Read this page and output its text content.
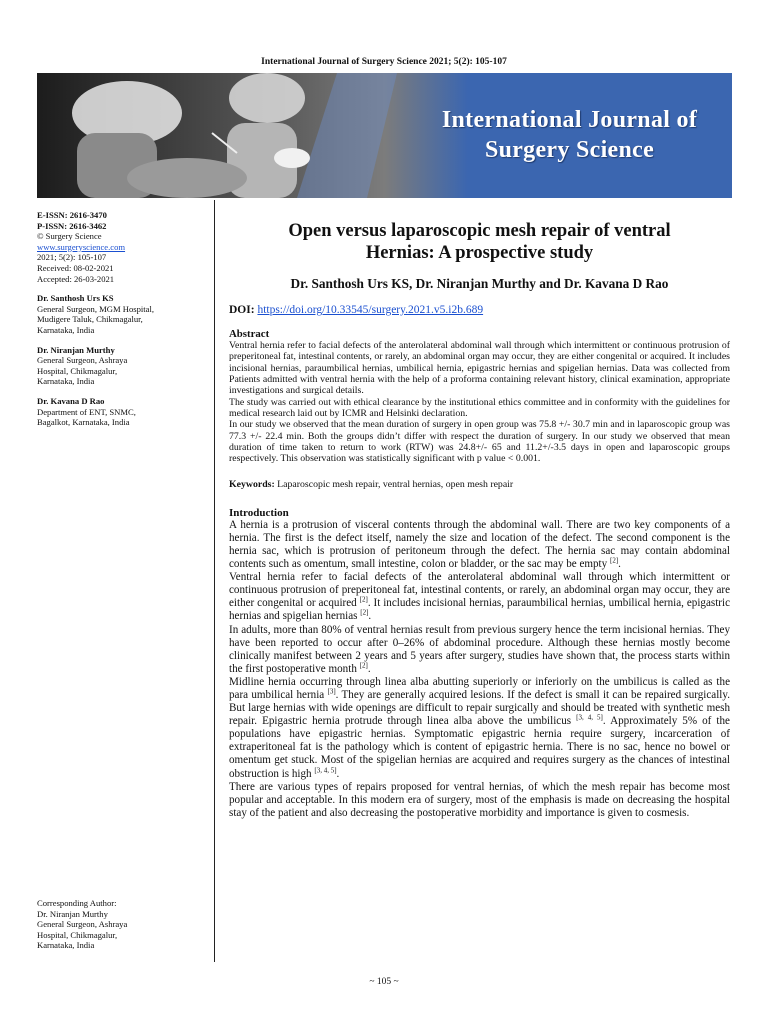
International Journal of Surgery Science 2021; 5(2): 105-107
International Journal of
Surgery Science
E-ISSN: 2616-3470
P-ISSN: 2616-3462
© Surgery Science
www.surgeryscience.com
2021; 5(2): 105-107
Received: 08-02-2021
Accepted: 26-03-2021
Dr. Santhosh Urs KS
General Surgeon, MGM Hospital,
Mudigere Taluk, Chikmagalur,
Karnataka, India
Dr. Niranjan Murthy
General Surgeon, Ashraya
Hospital, Chikmagalur,
Karnataka, India
Dr. Kavana D Rao
Department of ENT, SNMC,
Bagalkot, Karnataka, India
Corresponding Author:
Dr. Niranjan Murthy
General Surgeon, Ashraya
Hospital, Chikmagalur,
Karnataka, India
Open versus laparoscopic mesh repair of ventral
Hernias: A prospective study
Dr. Santhosh Urs KS, Dr. Niranjan Murthy and Dr. Kavana D Rao
DOI: https://doi.org/10.33545/surgery.2021.v5.i2b.689
Abstract

Ventral hernia refer to facial defects of the anterolateral abdominal wall through which intermittent or continuous protrusion of preperitoneal fat, intestinal contents, or rarely, an abdominal organ may occur, they are either congenital or acquired. It includes incisional hernias, paraumbilical hernias, umbilical hernia, epigastric hernias and spigelian hernias. Data was collected from Patients admitted with ventral hernia with the help of a proforma containing relevant history, clinical examination, appropriate investigations and surgical details.

The study was carried out with ethical clearance by the institutional ethics committee and in conformity with the guidelines for medical research laid out by ICMR and Helsinki declaration.

In our study we observed that the mean duration of surgery in open group was 75.8 +/- 30.7 min and in laparoscopic group was 77.3 +/- 22.4 min. Both the groups didn’t differ with respect the duration of surgery. In our study we observed that mean duration of time taken to return to work (RTW) was 24.8+/- 65 and 11.2+/-3.5 days in open and laparoscopic groups respectively. This observation was statistically significant with p value < 0.001.

Keywords: Laparoscopic mesh repair, ventral hernias, open mesh repair
Introduction

A hernia is a protrusion of visceral contents through the abdominal wall. There are two key components of a hernia. The first is the defect itself, namely the size and location of the defect. The second component is the hernia sac, which is protrusion of peritoneum through the defect. The hernia sac may contain abdominal contents such as omentum, small intestine, colon or bladder, or the sac may be empty [2].

Ventral hernia refer to facial defects of the anterolateral abdominal wall through which intermittent or continuous protrusion of preperitoneal fat, intestinal contents, or rarely, an abdominal organ may occur, they are either congenital or acquired [2]. It includes incisional hernias, paraumbilical hernias, umbilical hernia, epigastric hernias and spigelian hernias [2].

In adults, more than 80% of ventral hernias result from previous surgery hence the term incisional hernias. They have been reported to occur after 0–26% of abdominal procedure. Although these hernias mostly become clinically manifest between 2 years and 5 years after surgery, studies have shown that, the process starts within the first postoperative month [2].

Midline hernia occurring through linea alba abutting superiorly or inferiorly on the umbilicus is called as the para umbilical hernia [3]. They are generally acquired lesions. If the defect is small it can be repaired surgically. But large hernias with wide openings are difficult to repair surgically and should be treated with synthetic mesh repair. Epigastric hernia protrude through linea alba above the umbilicus [3, 4, 5]. Approximately 5% of the populations have epigastric hernias. Symptomatic epigastric hernia require surgery, incarceration of extraperitoneal fat is the pathology which is content of epigastric hernia. There is no sac, hence no bowel or omentum get stuck. Most of the spigelian hernias are acquired and requires surgery as the chances of intestinal obstruction is high [3, 4, 5].

There are various types of repairs proposed for ventral hernias, of which the mesh repair has become most popular and acceptable. In this modern era of surgery, most of the emphasis is made on decreasing the hospital stay of the patient and also decreasing the postoperative morbidity and importance is given to cosmesis.

~ 105 ~
